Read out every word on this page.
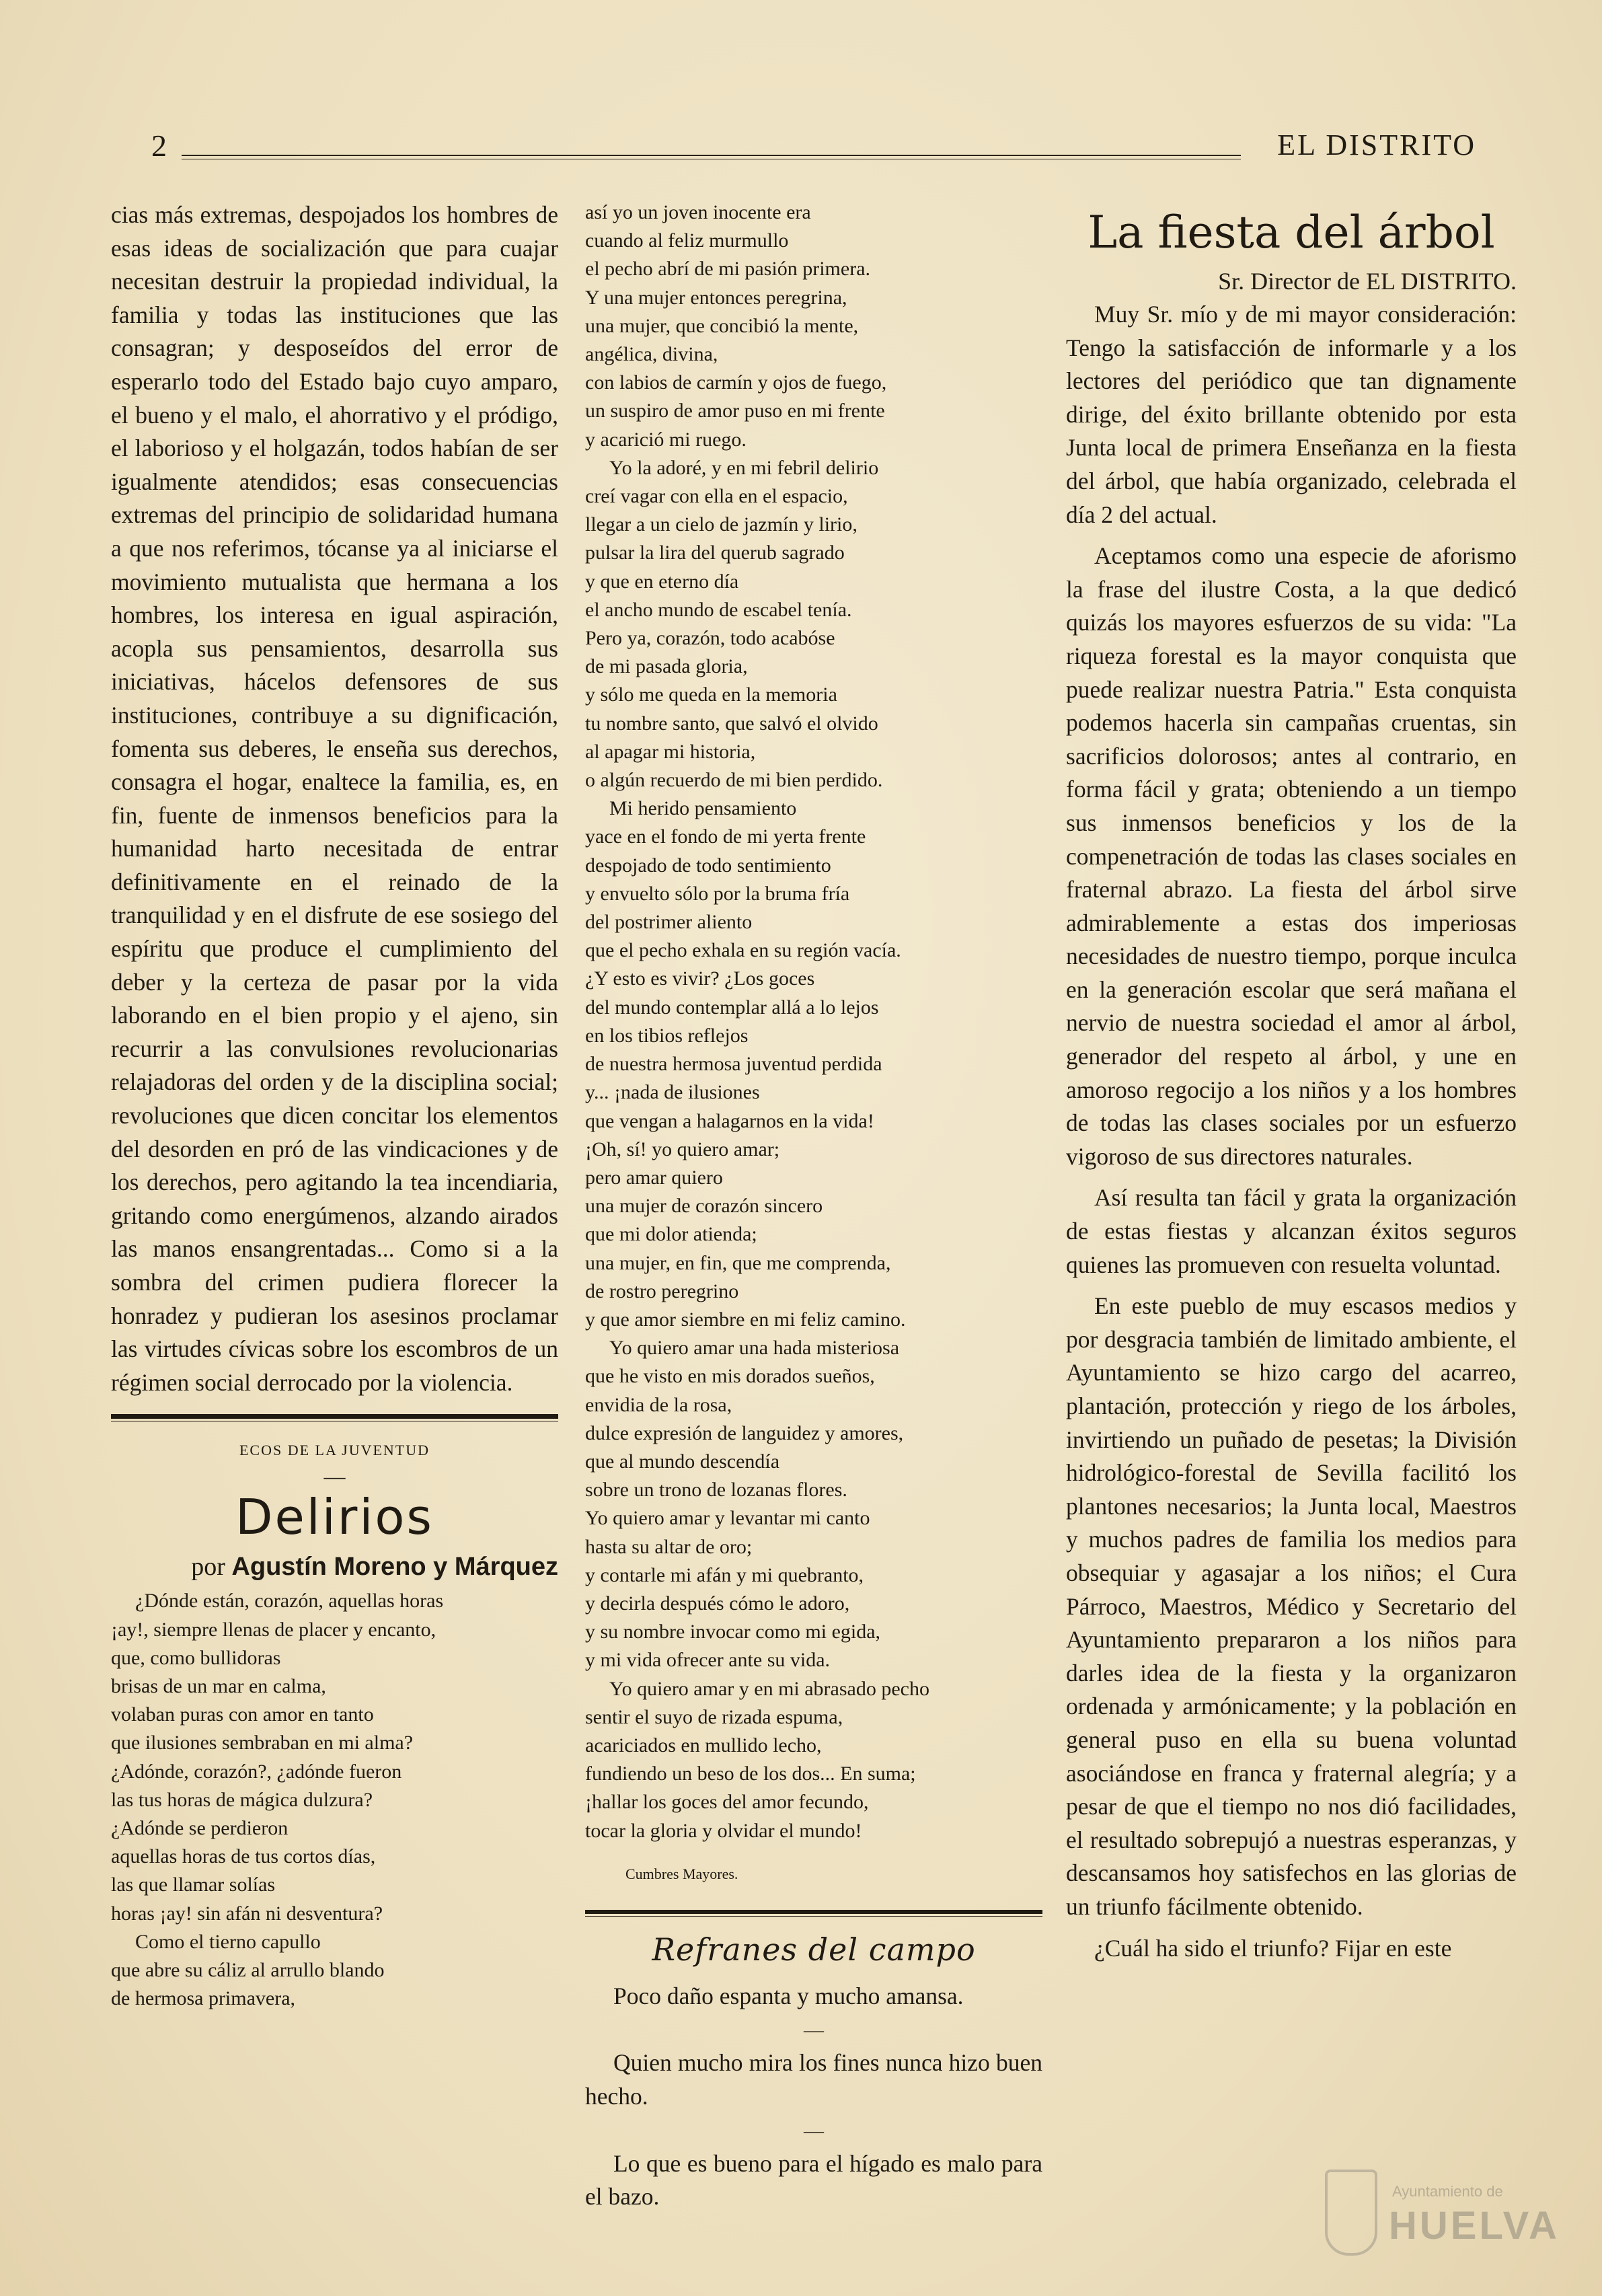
2	EL DISTRITO

cias más extremas, despojados los hombres de esas ideas de socialización que para cuajar necesitan destruir la propiedad individual, la familia y todas las instituciones que las consagran; y desposeídos del error de esperarlo todo del Estado bajo cuyo amparo, el bueno y el malo, el ahorrativo y el pródigo, el laborioso y el holgazán, todos habían de ser igualmente atendidos; esas consecuencias extremas del principio de solidaridad humana a que nos referimos, tócanse ya al iniciarse el movimiento mutualista que hermana a los hombres, los interesa en igual aspiración, acopla sus pensamientos, desarrolla sus iniciativas, hácelos defensores de sus instituciones, contribuye a su dignificación, fomenta sus deberes, le enseña sus derechos, consagra el hogar, enaltece la familia, es, en fin, fuente de inmensos beneficios para la humanidad harto necesitada de entrar definitivamente en el reinado de la tranquilidad y en el disfrute de ese sosiego del espíritu que produce el cumplimiento del deber y la certeza de pasar por la vida laborando en el bien propio y el ajeno, sin recurrir a las convulsiones revolucionarias relajadoras del orden y de la disciplina social; revoluciones que dicen concitar los elementos del desorden en pró de las vindicaciones y de los derechos, pero agitando la tea incendiaria, gritando como energúmenos, alzando airados las manos ensangrentadas... Como si a la sombra del crimen pudiera florecer la honradez y pudieran los asesinos proclamar las virtudes cívicas sobre los escombros de un régimen social derrocado por la violencia.

ECOS DE LA JUVENTUD
—
Delirios
por Agustín Moreno y Márquez
¿Dónde están, corazón, aquellas horas
¡ay!, siempre llenas de placer y encanto,
que, como bullidoras
brisas de un mar en calma,
volaban puras con amor en tanto
que ilusiones sembraban en mi alma?
¿Adónde, corazón?, ¿adónde fueron
las tus horas de mágica dulzura?
¿Adónde se perdieron
aquellas horas de tus cortos días,
las que llamar solías
horas ¡ay! sin afán ni desventura?
Como el tierno capullo
que abre su cáliz al arrullo blando
de hermosa primavera,
así yo un joven inocente era
cuando al feliz murmullo
el pecho abrí de mi pasión primera.
Y una mujer entonces peregrina,
una mujer, que concibió la mente,
angélica, divina,
con labios de carmín y ojos de fuego,
un suspiro de amor puso en mi frente
y acarició mi ruego.
Yo la adoré, y en mi febril delirio
creí vagar con ella en el espacio,
llegar a un cielo de jazmín y lirio,
pulsar la lira del querub sagrado
y que en eterno día
el ancho mundo de escabel tenía.
Pero ya, corazón, todo acabóse
de mi pasada gloria,
y sólo me queda en la memoria
tu nombre santo, que salvó el olvido
al apagar mi historia,
o algún recuerdo de mi bien perdido.
Mi herido pensamiento
yace en el fondo de mi yerta frente
despojado de todo sentimiento
y envuelto sólo por la bruma fría
del postrimer aliento
que el pecho exhala en su región vacía.
¿Y esto es vivir? ¿Los goces
del mundo contemplar allá a lo lejos
en los tibios reflejos
de nuestra hermosa juventud perdida
y... ¡nada de ilusiones
que vengan a halagarnos en la vida!
¡Oh, sí! yo quiero amar;
pero amar quiero
una mujer de corazón sincero
que mi dolor atienda;
una mujer, en fin, que me comprenda,
de rostro peregrino
y que amor siembre en mi feliz camino.
Yo quiero amar una hada misteriosa
que he visto en mis dorados sueños,
envidia de la rosa,
dulce expresión de languidez y amores,
que al mundo descendía
sobre un trono de lozanas flores.
Yo quiero amar y levantar mi canto
hasta su altar de oro;
y contarle mi afán y mi quebranto,
y decirla después cómo le adoro,
y su nombre invocar como mi egida,
y mi vida ofrecer ante su vida.
Yo quiero amar y en mi abrasado pecho
sentir el suyo de rizada espuma,
acariciados en mullido lecho,
fundiendo un beso de los dos... En suma;
¡hallar los goces del amor fecundo,
tocar la gloria y olvidar el mundo!
Cumbres Mayores.
Refranes del campo

Poco daño espanta y mucho amansa.

—

Quien mucho mira los fines nunca hizo buen hecho.

—

Lo que es bueno para el hígado es malo para el bazo.

La fiesta del árbol
Sr. Director de EL DISTRITO.

Muy Sr. mío y de mi mayor consideración: Tengo la satisfacción de informarle y a los lectores del periódico que tan dignamente dirige, del éxito brillante obtenido por esta Junta local de primera Enseñanza en la fiesta del árbol, que había organizado, celebrada el día 2 del actual.

Aceptamos como una especie de aforismo la frase del ilustre Costa, a la que dedicó quizás los mayores esfuerzos de su vida: "La riqueza forestal es la mayor conquista que puede realizar nuestra Patria." Esta conquista podemos hacerla sin campañas cruentas, sin sacrificios dolorosos; antes al contrario, en forma fácil y grata; obteniendo a un tiempo sus inmensos beneficios y los de la compenetración de todas las clases sociales en fraternal abrazo. La fiesta del árbol sirve admirablemente a estas dos imperiosas necesidades de nuestro tiempo, porque inculca en la generación escolar que será mañana el nervio de nuestra sociedad el amor al árbol, generador del respeto al árbol, y une en amoroso regocijo a los niños y a los hombres de todas las clases sociales por un esfuerzo vigoroso de sus directores naturales.

Así resulta tan fácil y grata la organización de estas fiestas y alcanzan éxitos seguros quienes las promueven con resuelta voluntad.

En este pueblo de muy escasos medios y por desgracia también de limitado ambiente, el Ayuntamiento se hizo cargo del acarreo, plantación, protección y riego de los árboles, invirtiendo un puñado de pesetas; la División hidrológico-forestal de Sevilla facilitó los plantones necesarios; la Junta local, Maestros y muchos padres de familia los medios para obsequiar y agasajar a los niños; el Cura Párroco, Maestros, Médico y Secretario del Ayuntamiento prepararon a los niños para darles idea de la fiesta y la organizaron ordenada y armónicamente; y la población en general puso en ella su buena voluntad asociándose en franca y fraternal alegría; y a pesar de que el tiempo no nos dió facilidades, el resultado sobrepujó a nuestras esperanzas, y descansamos hoy satisfechos en las glorias de un triunfo fácilmente obtenido.

¿Cuál ha sido el triunfo? Fijar en este

Ayuntamiento de
HUELVA
